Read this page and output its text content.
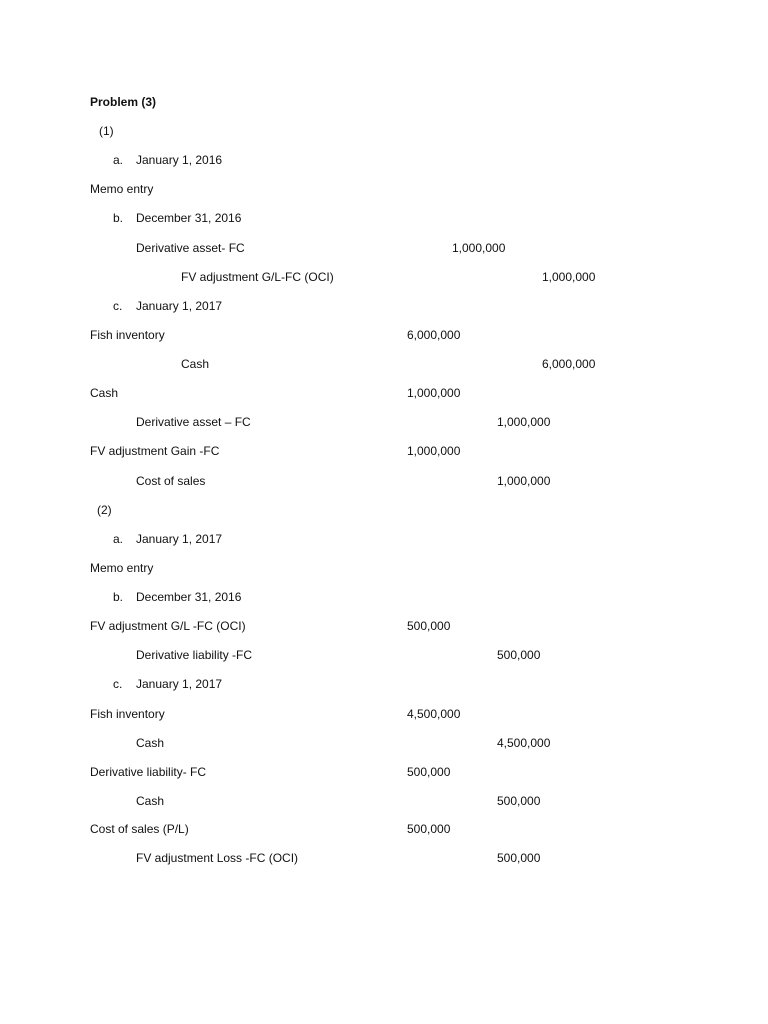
Problem (3)
(1)
a. January 1, 2016
Memo entry
b. December 31, 2016
Derivative asset- FC	1,000,000
FV adjustment G/L-FC (OCI)	1,000,000
c. January 1, 2017
Fish inventory	6,000,000
Cash	6,000,000
Cash	1,000,000
Derivative asset – FC	1,000,000
FV adjustment Gain -FC	1,000,000
Cost of sales	1,000,000
(2)
a. January 1, 2017
Memo entry
b. December 31, 2016
FV adjustment G/L -FC (OCI)	500,000
Derivative liability -FC	500,000
c. January 1, 2017
Fish inventory	4,500,000
Cash	4,500,000
Derivative liability- FC	500,000
Cash	500,000
Cost of sales (P/L)	500,000
FV adjustment Loss -FC (OCI)	500,000
